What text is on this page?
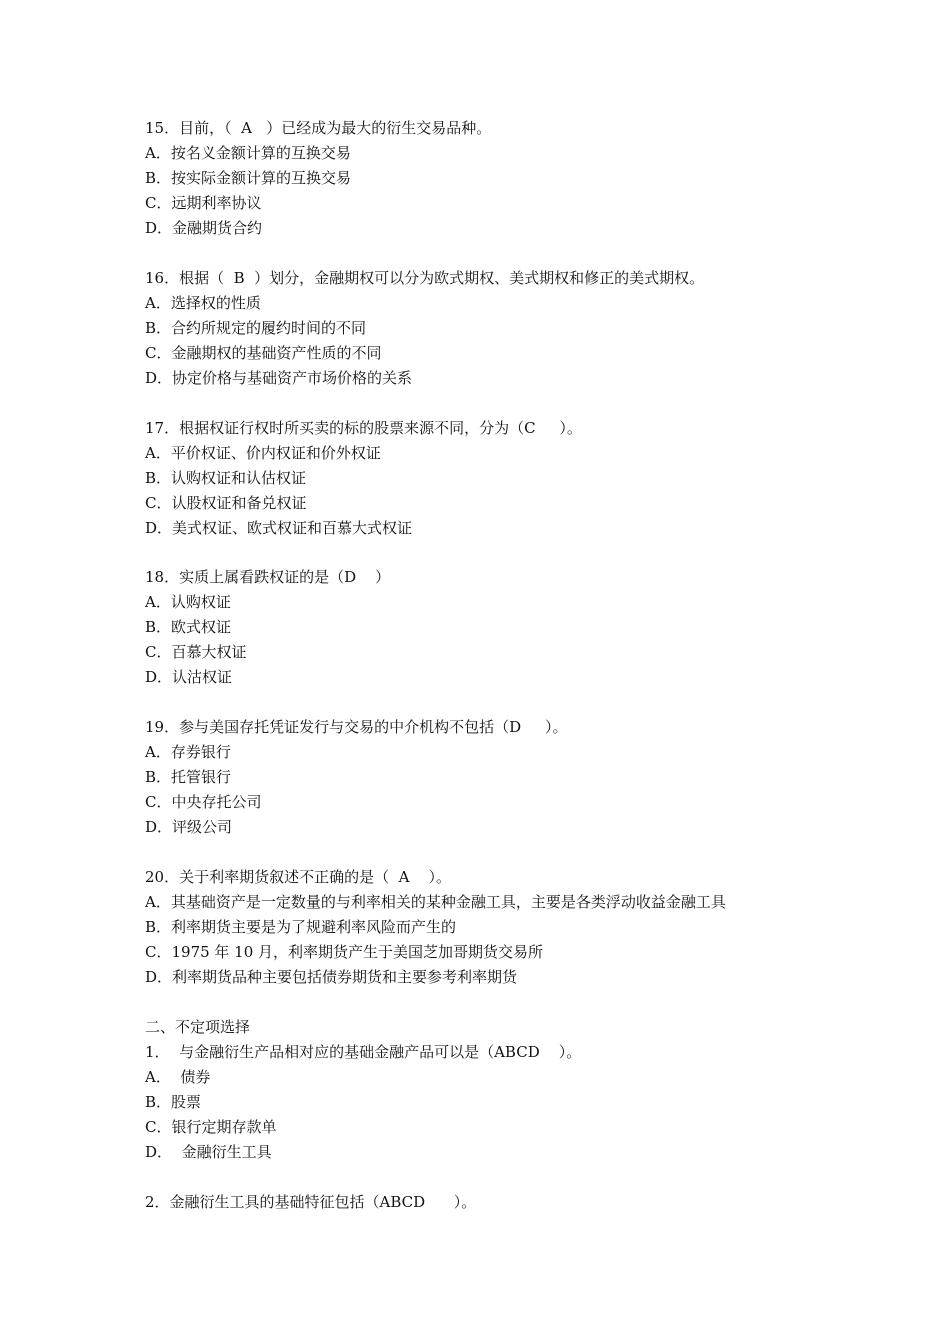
15．目前，（  A   ）已经成为最大的衍生交易品种。
A．按名义金额计算的互换交易
B．按实际金额计算的互换交易
C．远期利率协议
D．金融期货合约
16．根据（  B  ）划分，金融期权可以分为欧式期权、美式期权和修正的美式期权。
A．选择权的性质
B．合约所规定的履约时间的不同
C．金融期权的基础资产性质的不同
D．协定价格与基础资产市场价格的关系
17．根据权证行权时所买卖的标的股票来源不同，分为（C     ）。
A．平价权证、价内权证和价外权证
B．认购权证和认估权证
C．认股权证和备兑权证
D．美式权证、欧式权证和百慕大式权证
18．实质上属看跌权证的是（D    ）
A．认购权证
B．欧式权证
C．百慕大权证
D．认沽权证
19．参与美国存托凭证发行与交易的中介机构不包括（D     ）。
A．存券银行
B．托管银行
C．中央存托公司
D．评级公司
20．关于利率期货叙述不正确的是（  A    ）。
A．其基础资产是一定数量的与利率相关的某种金融工具，主要是各类浮动收益金融工具
B．利率期货主要是为了规避利率风险而产生的
C．1975 年 10 月，利率期货产生于美国芝加哥期货交易所
D．利率期货品种主要包括债券期货和主要参考利率期货
二、不定项选择
1．  与金融衍生产品相对应的基础金融产品可以是（ABCD    ）。
A．  债券
B．股票
C．银行定期存款单
D．  金融衍生工具
2．金融衍生工具的基础特征包括（ABCD      ）。
